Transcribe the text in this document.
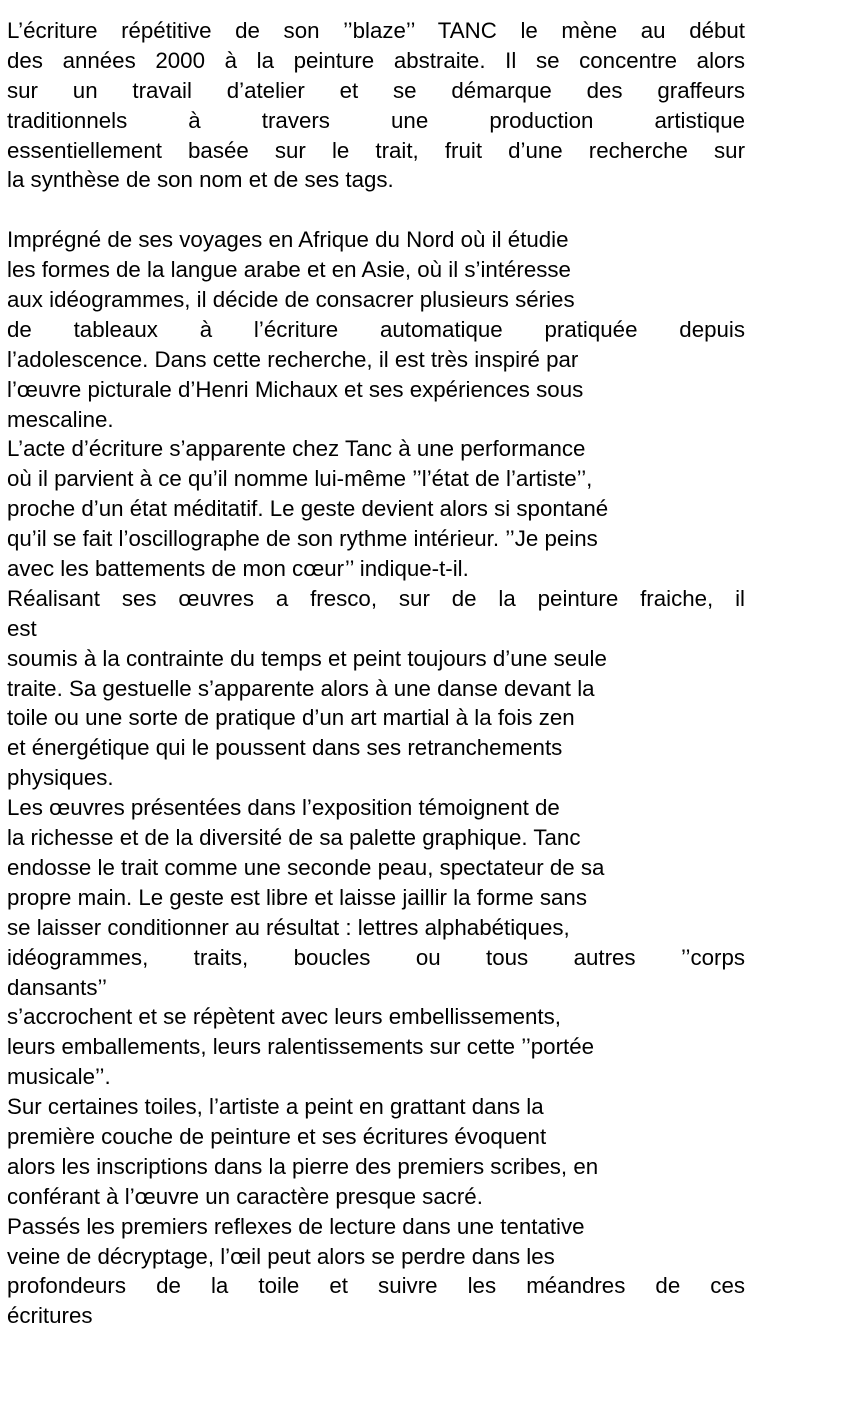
L’écriture répétitive de son ’’blaze’’ TANC le mène au début
des années 2000 à la peinture abstraite. Il se concentre alors
sur un travail d’atelier et se démarque des graffeurs
traditionnels à travers une production artistique
essentiellement basée sur le trait, fruit d’une recherche sur
la synthèse de son nom et de ses tags.
Imprégné de ses voyages en Afrique du Nord où il étudie
les formes de la langue arabe et en Asie, où il s’intéresse
aux idéogrammes, il décide de consacrer plusieurs séries
de tableaux à l’écriture automatique pratiquée depuis
l’adolescence. Dans cette recherche, il est très inspiré par
l’œuvre picturale d’Henri Michaux et ses expériences sous
mescaline.
L’acte d’écriture s’apparente chez Tanc à une performance
où il parvient à ce qu’il nomme lui-même ’’l’état de l’artiste’’,
proche d’un état méditatif. Le geste devient alors si spontané
qu’il se fait l’oscillographe de son rythme intérieur. ’’Je peins
avec les battements de mon cœur’’ indique-t-il.
Réalisant ses œuvres a fresco, sur de la peinture fraiche, il
est
soumis à la contrainte du temps et peint toujours d’une seule
traite. Sa gestuelle s’apparente alors à une danse devant la
toile ou une sorte de pratique d’un art martial à la fois zen
et énergétique qui le poussent dans ses retranchements
physiques.
Les œuvres présentées dans l’exposition témoignent de
la richesse et de la diversité de sa palette graphique. Tanc
endosse le trait comme une seconde peau, spectateur de sa
propre main. Le geste est libre et laisse jaillir la forme sans
se laisser conditionner au résultat : lettres alphabétiques,
idéogrammes, traits, boucles ou tous autres ’’corps
dansants’’
s’accrochent et se répètent avec leurs embellissements,
leurs emballements, leurs ralentissements sur cette ’’portée
musicale’’.
Sur certaines toiles, l’artiste a peint en grattant dans la
première couche de peinture et ses écritures évoquent
alors les inscriptions dans la pierre des premiers scribes, en
conférant à l’œuvre un caractère presque sacré.
Passés les premiers reflexes de lecture dans une tentative
veine de décryptage, l’œil peut alors se perdre dans les
profondeurs de la toile et suivre les méandres de ces
écritures
